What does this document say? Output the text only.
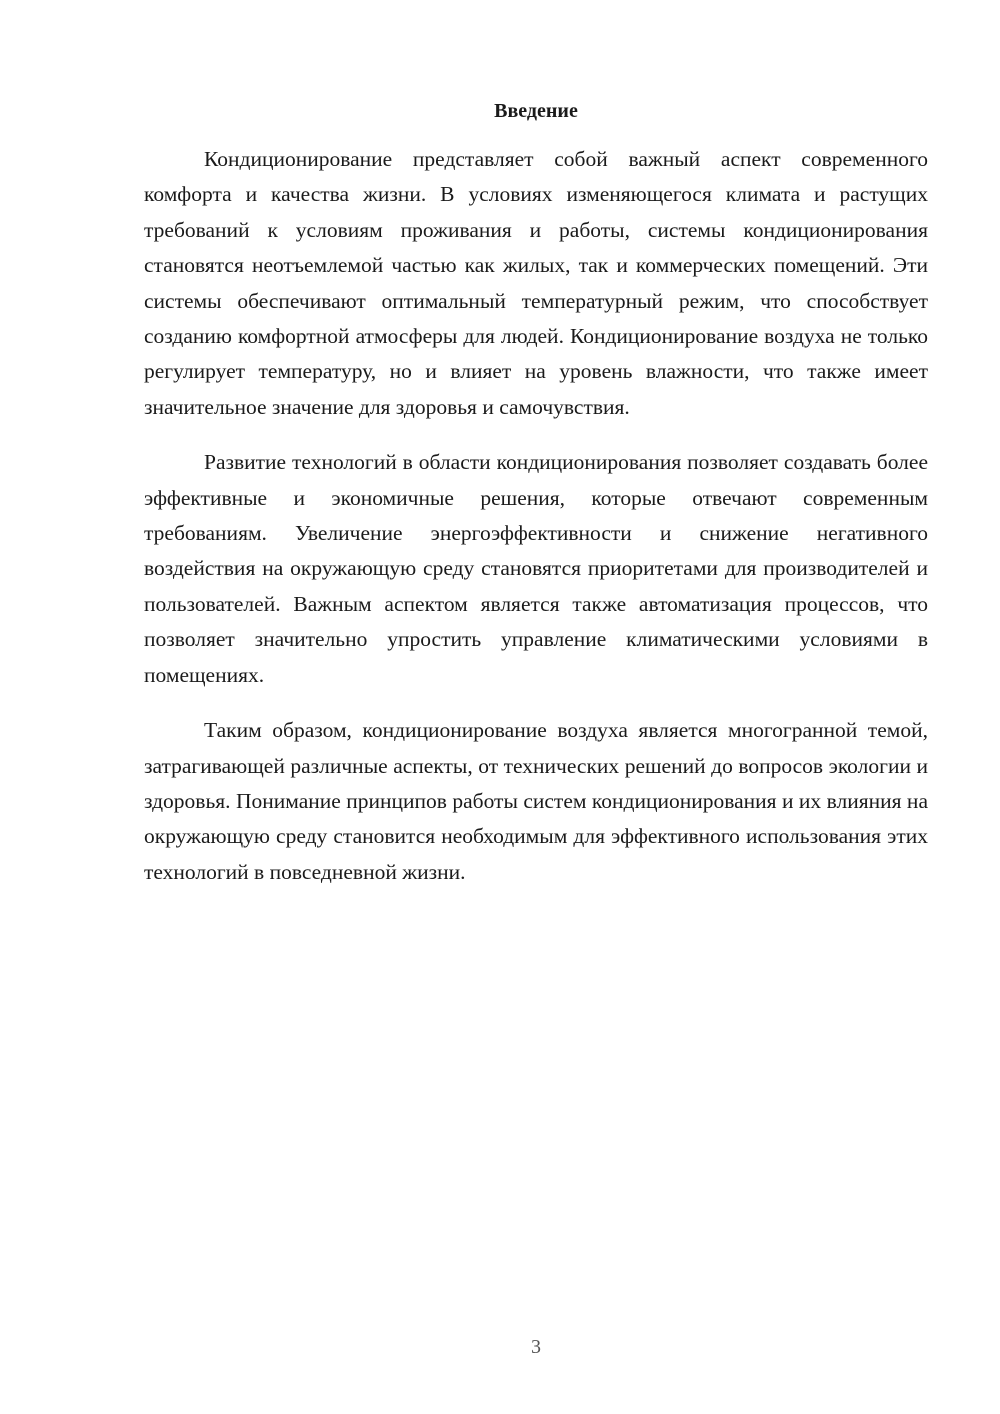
Введение

Кондиционирование представляет собой важный аспект современного комфорта и качества жизни. В условиях изменяющегося климата и растущих требований к условиям проживания и работы, системы кондиционирования становятся неотъемлемой частью как жилых, так и коммерческих помещений. Эти системы обеспечивают оптимальный температурный режим, что способствует созданию комфортной атмосферы для людей. Кондиционирование воздуха не только регулирует температуру, но и влияет на уровень влажности, что также имеет значительное значение для здоровья и самочувствия.

Развитие технологий в области кондиционирования позволяет создавать более эффективные и экономичные решения, которые отвечают современным требованиям. Увеличение энергоэффективности и снижение негативного воздействия на окружающую среду становятся приоритетами для производителей и пользователей. Важным аспектом является также автоматизация процессов, что позволяет значительно упростить управление климатическими условиями в помещениях.

Таким образом, кондиционирование воздуха является многогранной темой, затрагивающей различные аспекты, от технических решений до вопросов экологии и здоровья. Понимание принципов работы систем кондиционирования и их влияния на окружающую среду становится необходимым для эффективного использования этих технологий в повседневной жизни.

3
